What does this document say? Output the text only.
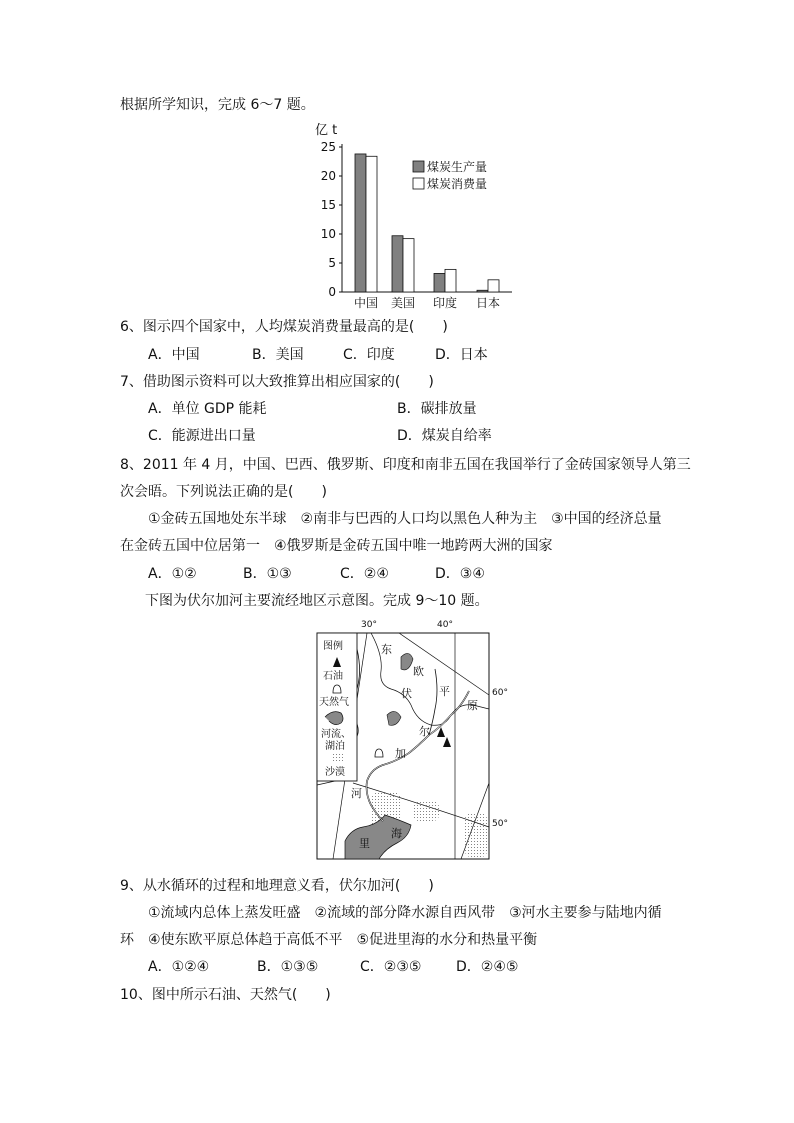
根据所学知识，完成 6～7 题。
亿 t
0
5
10
15
20
25
中国 美国 印度 日本
煤炭生产量
煤炭消费量
6、图示四个国家中，人均煤炭消费量最高的是(　　)
A．中国	B．美国	C．印度	D．日本
7、借助图示资料可以大致推算出相应国家的(　　)
A．单位 GDP 能耗	B．碳排放量
C．能源进出口量	D．煤炭自给率
8、2011 年 4 月，中国、巴西、俄罗斯、印度和南非五国在我国举行了金砖国家领导人第三
次会晤。下列说法正确的是(　　)
①金砖五国地处东半球　②南非与巴西的人口均以黑色人种为主　③中国的经济总量
在金砖五国中位居第一　④俄罗斯是金砖五国中唯一地跨两大洲的国家
A．①②	B．①③	C．②④	D．③④
下图为伏尔加河主要流经地区示意图。完成 9～10 题。
30°	40°
60°
50°
东
欧
平
原
伏
尔
加
河
里
海
图例
石油
天然气
河流、
湖泊
沙漠
9、从水循环的过程和地理意义看，伏尔加河(　　)
①流域内总体上蒸发旺盛　②流域的部分降水源自西风带　③河水主要参与陆地内循
环　④使东欧平原总体趋于高低不平　⑤促进里海的水分和热量平衡
A．①②④	B．①③⑤	C．②③⑤ D．②④⑤
10、图中所示石油、天然气(　　)
